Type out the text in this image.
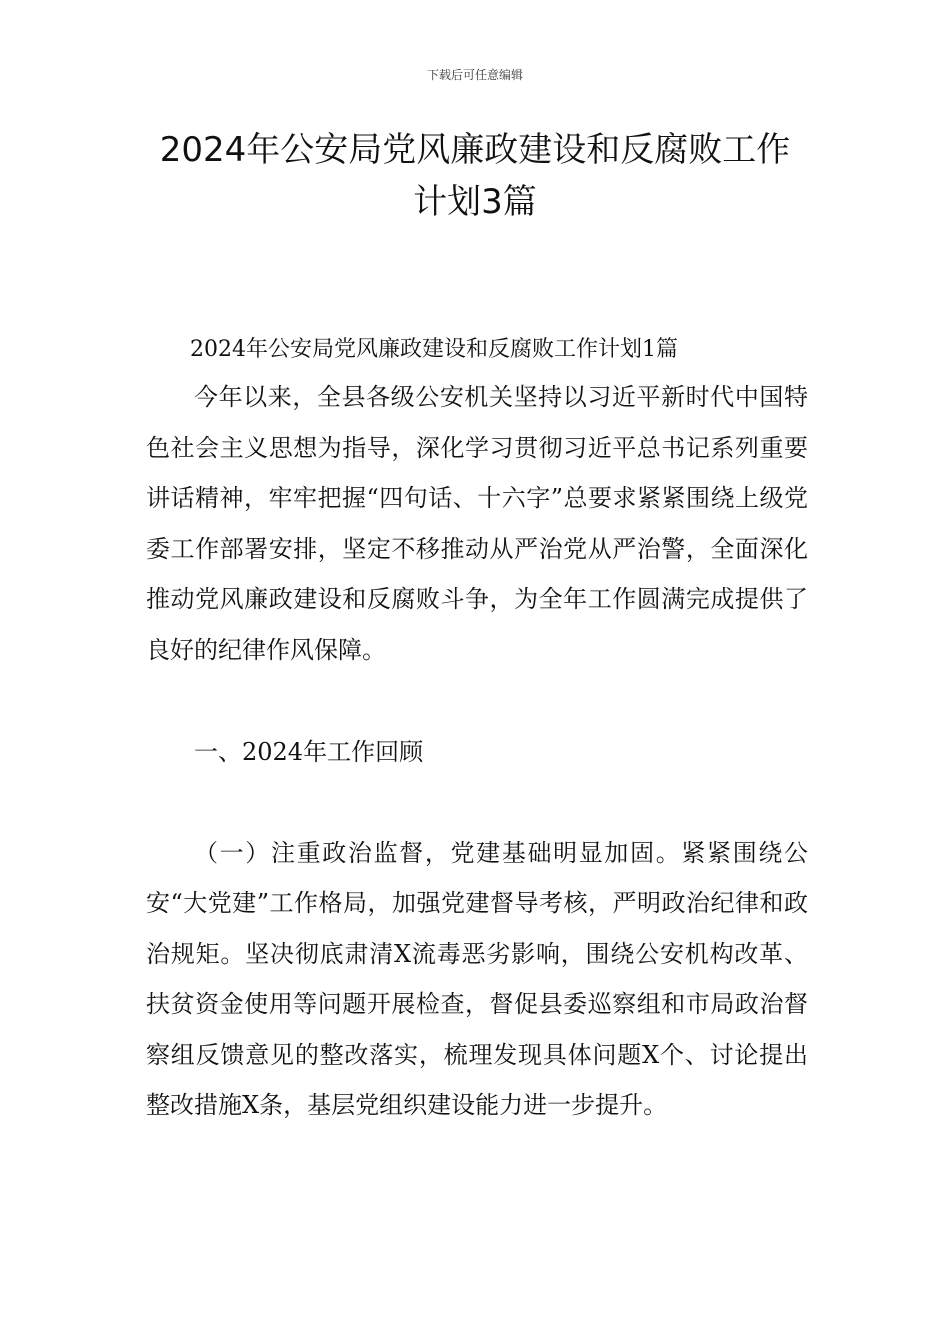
下载后可任意编辑
2024年公安局党风廉政建设和反腐败工作
计划3篇

2024年公安局党风廉政建设和反腐败工作计划1篇

今年以来，全县各级公安机关坚持以习近平新时代中国特色社会主义思想为指导，深化学习贯彻习近平总书记系列重要讲话精神，牢牢把握“四句话、十六字”总要求紧紧围绕上级党委工作部署安排，坚定不移推动从严治党从严治警，全面深化推动党风廉政建设和反腐败斗争，为全年工作圆满完成提供了良好的纪律作风保障。

一、2024年工作回顾

（一）注重政治监督，党建基础明显加固。紧紧围绕公安“大党建”工作格局，加强党建督导考核，严明政治纪律和政治规矩。坚决彻底肃清X流毒恶劣影响，围绕公安机构改革、扶贫资金使用等问题开展检查，督促县委巡察组和市局政治督察组反馈意见的整改落实，梳理发现具体问题X个、讨论提出整改措施X条，基层党组织建设能力进一步提升。
